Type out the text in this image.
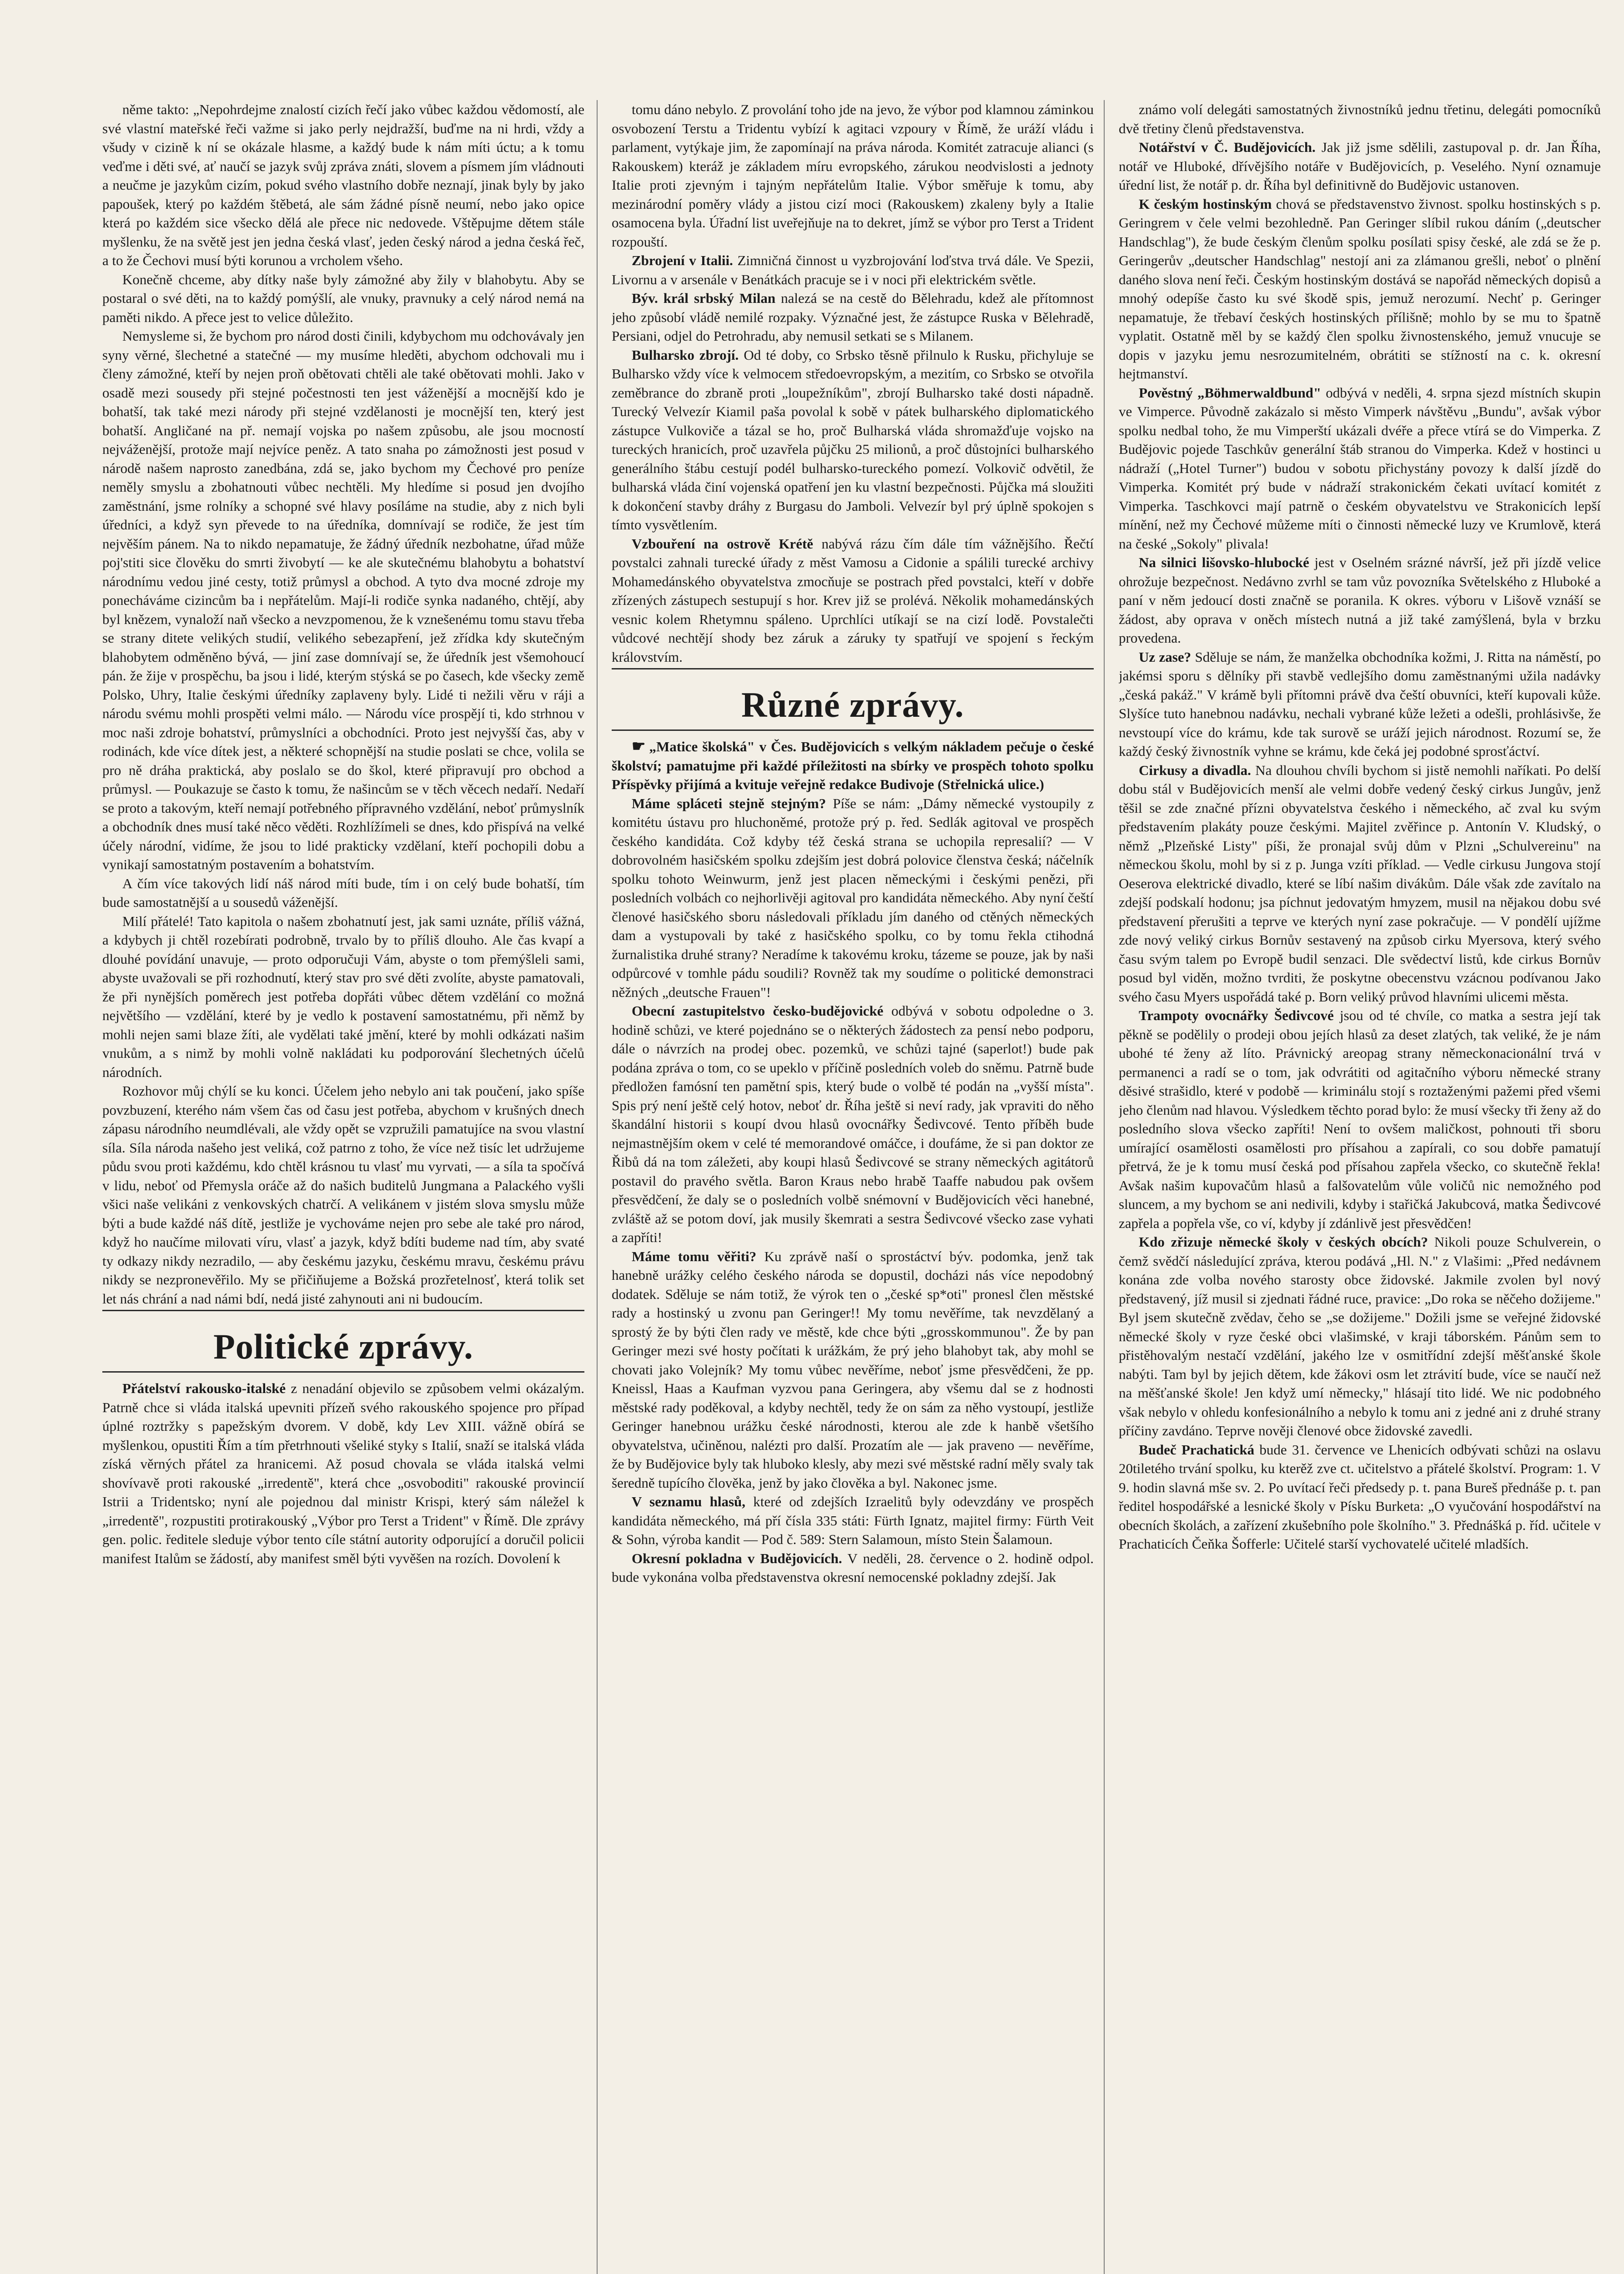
něme takto: „Nepohrdejme znalostí cizích řečí jako vůbec každou vědomostí, ale své vlastní mateřské řeči važme si jako perly nejdražší, buďme na ni hrdi, vždy a všudy v cizině k ní se okázale hlasme, a každý bude k nám míti úctu; a k tomu veďme i děti své, ať naučí se jazyk svůj zpráva znáti, slovem a písmem jím vládnouti a neučme je jazykům cizím, pokud svého vlastního dobře neznají, jinak byly by jako papoušek, který po každém štěbetá, ale sám žádné písně neumí, nebo jako opice která po každém sice všecko dělá ale přece nic nedovede. Vštěpujme dětem stále myšlenku, že na světě jest jen jedna česká vlasť, jeden český národ a jedna česká řeč, a to že Čechovi musí býti korunou a vrcholem všeho.

Konečně chceme, aby dítky naše byly zámožné aby žily v blahobytu. Aby se postaral o své děti, na to každý pomýšlí, ale vnuky, pravnuky a celý národ nemá na paměti nikdo. A přece jest to velice důležito.

Nemysleme si, že bychom pro národ dosti činili, kdybychom mu odchovávaly jen syny věrné, šlechetné a statečné — my musíme hleděti, abychom odchovali mu i členy zámožné, kteří by nejen proň obětovati chtěli ale také obětovati mohli. Jako v osadě mezi sousedy při stejné počestnosti ten jest váženější a mocnější kdo je bohatší, tak také mezi národy při stejné vzdělanosti je mocnější ten, který jest bohatší. Angličané na př. nemají vojska po našem způsobu, ale jsou mocností nejváženější, protože mají nejvíce peněz. A tato snaha po zámožnosti jest posud v národě našem naprosto zanedbána, zdá se, jako bychom my Čechové pro peníze neměly smyslu a zbohatnouti vůbec nechtěli. My hledíme si posud jen dvojího zaměstnání, jsme rolníky a schopné své hlavy posíláme na studie, aby z nich byli úředníci, a když syn převede to na úředníka, domnívají se rodiče, že jest tím nejvěším pánem. Na to nikdo nepamatuje, že žádný úředník nezbohatne, úřad může poj'stiti sice člověku do smrti živobytí — ke ale skutečnému blahobytu a bohatství národnímu vedou jiné cesty, totiž průmysl a obchod. A tyto dva mocné zdroje my ponecháváme cizincům ba i nepřátelům. Mají-li rodiče synka nadaného, chtějí, aby byl knězem, vynaloží naň všecko a nevzpomenou, že k vznešenému tomu stavu třeba se strany ditete velikých studií, velikého sebezapření, jež zřídka kdy skutečným blahobytem odměněno bývá, — jiní zase domnívají se, že úředník jest všemohoucí pán. že žije v prospěchu, ba jsou i lidé, kterým stýská se po časech, kde všecky země Polsko, Uhry, Italie českými úředníky zaplaveny byly. Lidé ti nežili věru v ráji a národu svému mohli prospěti velmi málo. — Národu více prospějí ti, kdo strhnou v moc naši zdroje bohatství, průmyslníci a obchodníci. Proto jest nejvyšší čas, aby v rodinách, kde více dítek jest, a některé schopnější na studie poslati se chce, volila se pro ně dráha praktická, aby poslalo se do škol, které připravují pro obchod a průmysl. — Poukazuje se často k tomu, že našincům se v těch věcech nedaří. Nedaří se proto a takovým, kteří nemají potřebného přípravného vzdělání, neboť průmyslník a obchodník dnes musí také něco věděti. Rozhlížímeli se dnes, kdo přispívá na velké účely národní, vidíme, že jsou to lidé prakticky vzdělaní, kteří pochopili dobu a vynikají samostatným postavením a bohatstvím.

A čím více takových lidí náš národ míti bude, tím i on celý bude bohatší, tím bude samostatnější a u sousedů váženější.

Milí přátelé! Tato kapitola o našem zbohatnutí jest, jak sami uznáte, příliš vážná, a kdybych ji chtěl rozebírati podrobně, trvalo by to příliš dlouho. Ale čas kvapí a dlouhé povídání unavuje, — proto odporučuji Vám, abyste o tom přemýšleli sami, abyste uvažovali se při rozhodnutí, který stav pro své děti zvolíte, abyste pamatovali, že při nynějších poměrech jest potřeba dopřáti vůbec dětem vzdělání co možná největšího — vzdělání, které by je vedlo k postavení samostatnému, při němž by mohli nejen sami blaze žíti, ale vydělati také jmění, které by mohli odkázati našim vnukům, a s nimž by mohli volně nakládati ku podporování šlechetných účelů národních.

Rozhovor můj chýlí se ku konci. Účelem jeho nebylo ani tak poučení, jako spíše povzbuzení, kterého nám všem čas od času jest potřeba, abychom v krušných dnech zápasu národního neumdlévali, ale vždy opět se vzpružili pamatujíce na svou vlastní síla. Síla národa našeho jest veliká, což patrno z toho, že více než tisíc let udržujeme půdu svou proti každému, kdo chtěl krásnou tu vlasť mu vyrvati, — a síla ta spočívá v lidu, neboť od Přemysla oráče až do našich buditelů Jungmana a Palackého vyšli všici naše velikáni z venkovských chatrčí. A velikánem v jistém slova smyslu může býti a bude každé náš dítě, jestliže je vychováme nejen pro sebe ale také pro národ, když ho naučíme milovati víru, vlasť a jazyk, když bdíti budeme nad tím, aby svaté ty odkazy nikdy nezradilo, — aby českému jazyku, českému mravu, českému právu nikdy se nezpronevěřilo. My se přičiňujeme a Božská prozřetelnosť, která tolik set let nás chrání a nad námi bdí, nedá jisté zahynouti ani ni budoucím.

Politické zprávy.

Přátelství rakousko-italské z nenadání objevilo se způsobem velmi okázalým. Patrně chce si vláda italská upevniti přízeň svého rakouského spojence pro případ úplné roztržky s papežským dvorem. V době, kdy Lev XIII. vážně obírá se myšlenkou, opustiti Řím a tím přetrhnouti všeliké styky s Italií, snaží se italská vláda získá věrných přátel za hranicemi. Až posud chovala se vláda italská velmi shovívavě proti rakouské „irredentě", která chce „osvoboditi" rakouské provincií Istrii a Tridentsko; nyní ale pojednou dal ministr Krispi, který sám náležel k „irredentě", rozpustiti protirakouský „Výbor pro Terst a Trident" v Římě. Dle zprávy gen. polic. ředitele sleduje výbor tento cíle státní autority odporující a doručil policii manifest Italům se žádostí, aby manifest směl býti vyvěšen na rozích. Dovolení k

tomu dáno nebylo. Z provolání toho jde na jevo, že výbor pod klamnou záminkou osvobození Terstu a Tridentu vybízí k agitaci vzpoury v Římě, že uráží vládu i parlament, vytýkaje jim, že zapomínají na práva národa. Komitét zatracuje alianci (s Rakouskem) kteráž je základem míru evropského, zárukou neodvislosti a jednoty Italie proti zjevným i tajným nepřátelům Italie. Výbor směřuje k tomu, aby mezinárodní poměry vlády a jistou cizí moci (Rakouskem) zkaleny byly a Italie osamocena byla. Úřadní list uveřejňuje na to dekret, jímž se výbor pro Terst a Trident rozpouští.

Zbrojení v Italii. Zimničná činnost u vyzbrojování loďstva trvá dále. Ve Spezii, Livornu a v arsenále v Benátkách pracuje se i v noci při elektrickém světle.

Býv. král srbský Milan nalezá se na cestě do Bělehradu, kdež ale přítomnost jeho způsobí vládě nemilé rozpaky. Význačné jest, že zástupce Ruska v Bělehradě, Persiani, odjel do Petrohradu, aby nemusil setkati se s Milanem.

Bulharsko zbrojí. Od té doby, co Srbsko těsně přilnulo k Rusku, přichyluje se Bulharsko vždy více k velmocem středoevropským, a mezitím, co Srbsko se otvořila zeměbrance do zbraně proti „loupežníkům", zbrojí Bulharsko také dosti nápadně. Turecký Velvezír Kiamil paša povolal k sobě v pátek bulharského diplomatického zástupce Vulkoviče a tázal se ho, proč Bulharská vláda shromažďuje vojsko na tureckých hranicích, proč uzavřela půjčku 25 milionů, a proč důstojníci bulharského generálního štábu cestují podél bulharsko-tureckého pomezí. Volkovič odvětil, že bulharská vláda činí vojenská opatření jen ku vlastní bezpečnosti. Půjčka má sloužiti k dokončení stavby dráhy z Burgasu do Jamboli. Velvezír byl prý úplně spokojen s tímto vysvětlením.

Vzbouření na ostrově Krétě nabývá rázu čím dále tím vážnějšího. Řečtí povstalci zahnali turecké úřady z měst Vamosu a Cidonie a spálili turecké archivy Mohamedánského obyvatelstva zmocňuje se postrach před povstalci, kteří v dobře zřízených zástupech sestupují s hor. Krev již se prolévá. Několik mohamedánských vesnic kolem Rhetymnu spáleno. Uprchlíci utíkají se na cizí lodě. Povstalečti vůdcové nechtějí shody bez záruk a záruky ty spatřují ve spojení s řeckým královstvím.

Různé zprávy.

☛ „Matice školská" v Čes. Budějovicích s velkým nákladem pečuje o české školství; pamatujme při každé příležitosti na sbírky ve prospěch tohoto spolku Příspěvky přijímá a kvituje veřejně redakce Budivoje (Střelnická ulice.)

Máme spláceti stejně stejným? Píše se nám: „Dámy německé vystoupily z komitétu ústavu pro hluchoněmé, protože prý p. řed. Sedlák agitoval ve prospěch českého kandidáta. Což kdyby též česká strana se uchopila represalií? — V dobrovolném hasičském spolku zdejším jest dobrá polovice členstva česká; náčelník spolku tohoto Weinwurm, jenž jest placen německými i českými penězi, při posledních volbách co nejhorlivěji agitoval pro kandidáta německého. Aby nyní čeští členové hasičského sboru následovali příkladu jím daného od ctěných německých dam a vystupovali by také z hasičského spolku, co by tomu řekla ctihodná žurnalistika druhé strany? Neradíme k takovému kroku, tázeme se pouze, jak by naši odpůrcové v tomhle pádu soudili? Rovněž tak my soudíme o politické demonstraci něžných „deutsche Frauen"!

Obecní zastupitelstvo česko-budějovické odbývá v sobotu odpoledne o 3. hodině schůzi, ve které pojednáno se o některých žádostech za pensí nebo podporu, dále o návrzích na prodej obec. pozemků, ve schůzi tajné (saperlot!) bude pak podána zpráva o tom, co se upeklo v příčině posledních voleb do sněmu. Patrně bude předložen famósní ten pamětní spis, který bude o volbě té podán na „vyšší místa". Spis prý není ještě celý hotov, neboť dr. Říha ještě si neví rady, jak vpraviti do něho škandální historii s koupí dvou hlasů ovocnářky Šedivcové. Tento příběh bude nejmastnějším okem v celé té memorandové omáčce, i doufáme, že si pan doktor ze Řibů dá na tom záležeti, aby koupi hlasů Šedivcové se strany německých agitátorů postavil do pravého světla. Baron Kraus nebo hrabě Taaffe nabudou pak ovšem přesvědčení, že daly se o posledních volbě snémovní v Budějovicích věci hanebné, zvláště až se potom doví, jak musily škemrati a sestra Šedivcové všecko zase vyhati a zapříti!

Máme tomu věřiti? Ku zprávě naší o sprostáctví býv. podomka, jenž tak hanebně urážky celého českého národa se dopustil, docházi nás více nepodobný dodatek. Sděluje se nám totiž, že výrok ten o „české sp*oti" pronesl člen městské rady a hostinský u zvonu pan Geringer!! My tomu nevěříme, tak nevzdělaný a sprostý že by býti člen rady ve městě, kde chce býti „grosskommunou". Že by pan Geringer mezi své hosty počítati k urážkám, že prý jeho blahobyt tak, aby mohl se chovati jako Volejník? My tomu vůbec nevěříme, neboť jsme přesvědčeni, že pp. Kneissl, Haas a Kaufman vyzvou pana Geringera, aby všemu dal se z hodnosti městské rady poděkoval, a kdyby nechtěl, tedy že on sám za něho vystoupí, jestliže Geringer hanebnou urážku české národnosti, kterou ale zde k hanbě všetšího obyvatelstva, učiněnou, nalézti pro další. Prozatím ale — jak praveno — nevěříme, že by Budějovice byly tak hluboko klesly, aby mezi své městské radní měly svaly tak šeredně tupícího člověka, jenž by jako člověka a byl. Nakonec jsme.

V seznamu hlasů, které od zdejších Izraelitů byly odevzdány ve prospěch kandidáta německého, má pří čísla 335 státi: Fürth Ignatz, majitel firmy: Fürth Veit & Sohn, výroba kandit — Pod č. 589: Stern Salamoun, místo Stein Šalamoun.

Okresní pokladna v Budějovicích. V neděli, 28. července o 2. hodině odpol. bude vykonána volba představenstva okresní nemocenské pokladny zdejší. Jak

známo volí delegáti samostatných živnostníků jednu třetinu, delegáti pomocníků dvě třetiny členů představenstva.

Notářství v Č. Budějovicích. Jak již jsme sdělili, zastupoval p. dr. Jan Říha, notář ve Hluboké, dřívějšího notáře v Budějovicích, p. Veselého. Nyní oznamuje úřední list, že notář p. dr. Říha byl definitivně do Budějovic ustanoven.

K českým hostinským chová se představenstvo živnost. spolku hostinských s p. Geringrem v čele velmi bezohledně. Pan Geringer slíbil rukou dáním („deutscher Handschlag"), že bude českým členům spolku posílati spisy české, ale zdá se že p. Geringerův „deutscher Handschlag" nestojí ani za zlámanou grešli, neboť o plnění daného slova není řeči. Českým hostinským dostává se napořád německých dopisů a mnohý odepíše často ku své škodě spis, jemuž nerozumí. Nechť p. Geringer nepamatuje, že třebaví českých hostinských přílišně; mohlo by se mu to špatně vyplatit. Ostatně měl by se každý člen spolku živnostenského, jemuž vnucuje se dopis v jazyku jemu nesrozumitelném, obrátiti se stížností na c. k. okresní hejtmanství.

Pověstný „Böhmerwaldbund" odbývá v neděli, 4. srpna sjezd místních skupin ve Vimperce. Původně zakázalo si město Vimperk návštěvu „Bundu", avšak výbor spolku nedbal toho, že mu Vimperští ukázali dvéře a přece vtírá se do Vimperka. Z Budějovic pojede Taschkův generální štáb stranou do Vimperka. Kdež v hostinci u nádraží („Hotel Turner") budou v sobotu přichystány povozy k další jízdě do Vimperka. Komitét prý bude v nádraží strakonickém čekati uvítací komitét z Vimperka. Taschkovci mají patrně o českém obyvatelstvu ve Strakonicích lepší mínění, než my Čechové můžeme míti o činnosti německé luzy ve Krumlově, která na české „Sokoly" plivala!

Na silnici lišovsko-hlubocké jest v Oselném srázné návrší, jež při jízdě velice ohrožuje bezpečnost. Nedávno zvrhl se tam vůz povozníka Světelského z Hluboké a paní v něm jedoucí dosti značně se poranila. K okres. výboru v Lišově vznáší se žádost, aby oprava v oněch místech nutná a již také zamýšlená, byla v brzku provedena.

Uz zase? Sděluje se nám, že manželka obchodníka kožmi, J. Ritta na náměstí, po jakémsi sporu s dělníky při stavbě vedlejšího domu zaměstnanými užila nadávky „česká pakáž." V krámě byli přítomni právě dva čeští obuvníci, kteří kupovali kůže. Slyšíce tuto hanebnou nadávku, nechali vybrané kůže ležeti a odešli, prohlásivše, že nevstoupí více do krámu, kde tak surově se uráží jejich národnost. Rozumí se, že každý český živnostník vyhne se krámu, kde čeká jej podobné sprosťáctví.

Cirkusy a divadla. Na dlouhou chvíli bychom si jistě nemohli naříkati. Po delší dobu stál v Budějovicích menší ale velmi dobře vedený český cirkus Jungův, jenž těšil se zde značné přízni obyvatelstva českého i německého, ač zval ku svým představením plakáty pouze českými. Majitel zvěřince p. Antonín V. Kludský, o němž „Plzeňské Listy" píši, že pronajal svůj dům v Plzni „Schulvereinu" na německou školu, mohl by si z p. Junga vzíti příklad. — Vedle cirkusu Jungova stojí Oeserova elektrické divadlo, které se líbí našim divákům. Dále však zde zavítalo na zdejší podskalí hodonu; jsa píchnut jedovatým hmyzem, musil na nějakou dobu své představení přerušiti a teprve ve kterých nyní zase pokračuje. — V pondělí ujížme zde nový veliký cirkus Bornův sestavený na způsob cirku Myersova, který svého času svým talem po Evropě budil senzaci. Dle svědectví listů, kde cirkus Bornův posud byl viděn, možno tvrditi, že poskytne obecenstvu vzácnou podívanou Jako svého času Myers uspořádá také p. Born veliký průvod hlavními ulicemi města.

Trampoty ovocnářky Šedivcové jsou od té chvíle, co matka a sestra její tak pěkně se podělily o prodeji obou jejích hlasů za deset zlatých, tak veliké, že je nám ubohé té ženy až líto. Právnický areopag strany německonacionální trvá v permanenci a radí se o tom, jak odvrátiti od agitačního výboru německé strany děsivé strašidlo, které v podobě — kriminálu stojí s roztaženými pažemi před všemi jeho členům nad hlavou. Výsledkem těchto porad bylo: že musí všecky tři ženy až do posledního slova všecko zapříti! Není to ovšem maličkost, pohnouti tři sboru umírající osamělosti osamělosti pro přísahou a zapírali, co sou dobře pamatují přetrvá, že je k tomu musí česká pod přísahou zapřela všecko, co skutečně řekla! Avšak našim kupovačům hlasů a falšovatelům vůle voličů nic nemožného pod sluncem, a my bychom se ani nedivili, kdyby i stařičká Jakubcová, matka Šedivcové zapřela a popřela vše, co ví, kdyby jí zdánlivě jest přesvědčen!

Kdo zřizuje německé školy v českých obcích? Nikoli pouze Schulverein, o čemž svědčí následující zpráva, kterou podává „Hl. N." z Vlašimi: „Před nedávnem konána zde volba nového starosty obce židovské. Jakmile zvolen byl nový představený, jíž musil si zjednati řádné ruce, pravice: „Do roka se něčeho dožijeme." Byl jsem skutečně zvědav, čeho se „se dožijeme." Dožili jsme se veřejné židovské německé školy v ryze české obci vlašimské, v kraji táborském. Pánům sem to přistěhovalým nestačí vzdělání, jakého lze v osmitřídní zdejší měšťanské škole nabýti. Tam byl by jejich dětem, kde žákovi osm let ztrávití bude, více se naučí než na měšťanské škole! Jen když umí německy," hlásají tito lidé. We nic podobného však nebylo v ohledu konfesionálního a nebylo k tomu ani z jedné ani z druhé strany příčiny zavdáno. Teprve nověji členové obce židovské zavedli.

Budeč Prachatická bude 31. července ve Lhenicích odbývati schůzi na oslavu 20tiletého trvání spolku, ku kterěž zve ct. učitelstvo a přátelé školství. Program: 1. V 9. hodin slavná mše sv. 2. Po uvítací řeči předsedy p. t. pana Bureš přednáše p. t. pan ředitel hospodářské a lesnické školy v Písku Burketa: „O vyučování hospodářství na obecních školách, a zařízení zkušebního pole školního." 3. Přednášká p. říd. učitele v Prachaticích Čeňka Šofferle: Učitelé starší vychovatelé učitelé mladších.
